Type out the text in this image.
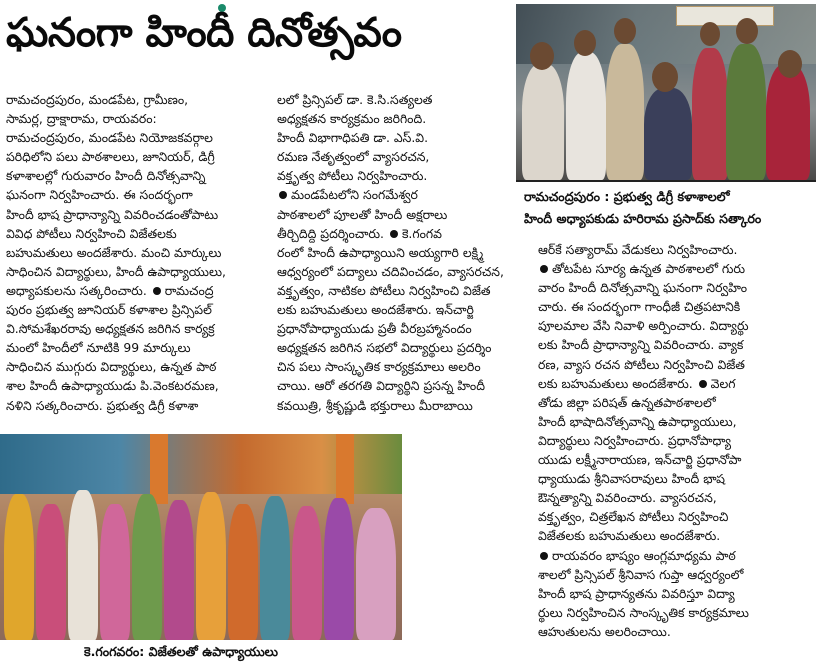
ఘనంగా హిందీ దినోత్సవం
రామచంద్రపురం : ప్రభుత్వ డిగ్రీ కళాశాలలో
హిందీ అధ్యాపకుడు హరిరామ ప్రసాద్‌కు సత్కారం

రామచంద్రపురం, మండపేట, గ్రామీణం,

సామర్ల, ద్రాక్షారామ, రాయవరం:

రామచంద్రపురం, మండపేట నియోజకవర్గాల

పరిధిలోని పలు పాఠశాలలు, జూనియర్, డిగ్రీ

కళాశాలల్లో గురువారం హిందీ దినోత్సవాన్ని

ఘనంగా నిర్వహించారు. ఈ సందర్భంగా

హిందీ భాష ప్రాధాన్యాన్ని వివరించడంతోపాటు

వివిధ పోటీలు నిర్వహించి విజేతలకు

బహుమతులు అందజేశారు. మంచి మార్కులు

సాధించిన విద్యార్థులు, హిందీ ఉపాధ్యాయులు,

అధ్యాపకులను సత్కరించారు. రామచంద్ర

పురం ప్రభుత్వ జూనియర్ కళాశాల ప్రిన్సిపల్

వి.సోమశేఖరరావు అధ్యక్షతన జరిగిన కార్యక్ర

మంలో హిందీలో నూటికి 99 మార్కులు

సాధించిన ముగ్గురు విద్యార్థులు, ఉన్నత పాఠ

శాల హిందీ ఉపాధ్యాయుడు పి.వెంకటరమణ,

నళిని సత్కరించారు. ప్రభుత్వ డిగ్రీ కళాశా

లలో ప్రిన్సిపల్ డా. కె.సి.సత్యలత

అధ్యక్షతన కార్యక్రమం జరిగింది.

హిందీ విభాగాధిపతి డా. ఎస్.వి.

రమణ నేతృత్వంలో వ్యాసరచన,

వక్తృత్వ పోటీలు నిర్వహించారు.

మండపేటలోని సంగమేశ్వర

పాఠశాలలో పూలతో హిందీ అక్షరాలు

తీర్చిదిద్ది ప్రదర్శించారు. కె.గంగవ

రంలో హిందీ ఉపాధ్యాయిని అయ్యగారి లక్ష్మి

ఆధ్వర్యంలో పద్యాలు చదివించడం, వ్యాసరచన,

వక్తృత్వం, నాటికల పోటీలు నిర్వహించి విజేత

లకు బహుమతులు అందజేశారు. ఇన్‌చార్జి

ప్రధానోపాధ్యాయుడు ప్రతీ వీరబ్రహ్మానందం

అధ్యక్షతన జరిగిన సభలో విద్యార్థులు ప్రదర్శిం

చిన పలు సాంస్కృతిక కార్యక్రమాలు అలరిం

చాయి. ఆరో తరగతి విద్యార్థిని ప్రసన్న హిందీ

కవయిత్రి, శ్రీకృష్ణుడి భక్తురాలు మీరాబాయి

ఆర్‌కే సత్యారామ్ వేడుకలు నిర్వహించారు.

తోటపేట సూర్య ఉన్నత పాఠశాలలో గురు

వారం హిందీ దినోత్సవాన్ని ఘనంగా నిర్వహిం

చారు. ఈ సందర్భంగా గాంధీజీ చిత్రపటానికి

పూలమాల వేసి నివాళి అర్పించారు. విద్యార్థు

లకు హిందీ ప్రాధాన్యాన్ని వివరించారు. వ్యాక

రణ, వ్యాస రచన పోటీలు నిర్వహించి విజేత

లకు బహుమతులు అందజేశారు. వెలగ

తోడు జిల్లా పరిషత్ ఉన్నతపాఠశాలలో

హిందీ భాషాదినోత్సవాన్ని ఉపాధ్యాయులు,

విద్యార్థులు నిర్వహించారు. ప్రధానోపాధ్యా

యుడు లక్ష్మీనారాయణ, ఇన్‌చార్జి ప్రధానోపా

ధ్యాయుడు శ్రీనివాసరావులు హిందీ భాష

ఔన్నత్యాన్ని వివరించారు. వ్యాసరచన,

వక్తృత్వం, చిత్రలేఖన పోటీలు నిర్వహించి

విజేతలకు బహుమతులు అందజేశారు.

రాయవరం భాష్యం ఆంగ్లమాధ్యమ పాఠ

శాలలో ప్రిన్సిపల్ శ్రీనివాస గుప్తా ఆధ్వర్యంలో

హిందీ భాష ప్రాధాన్యతను వివరిస్తూ విద్యా

ర్థులు నిర్వహించిన సాంస్కృతిక కార్యక్రమాలు

ఆహుతులను అలరించాయి.

కె.గంగవరం: విజేతలతో ఉపాధ్యాయులు
